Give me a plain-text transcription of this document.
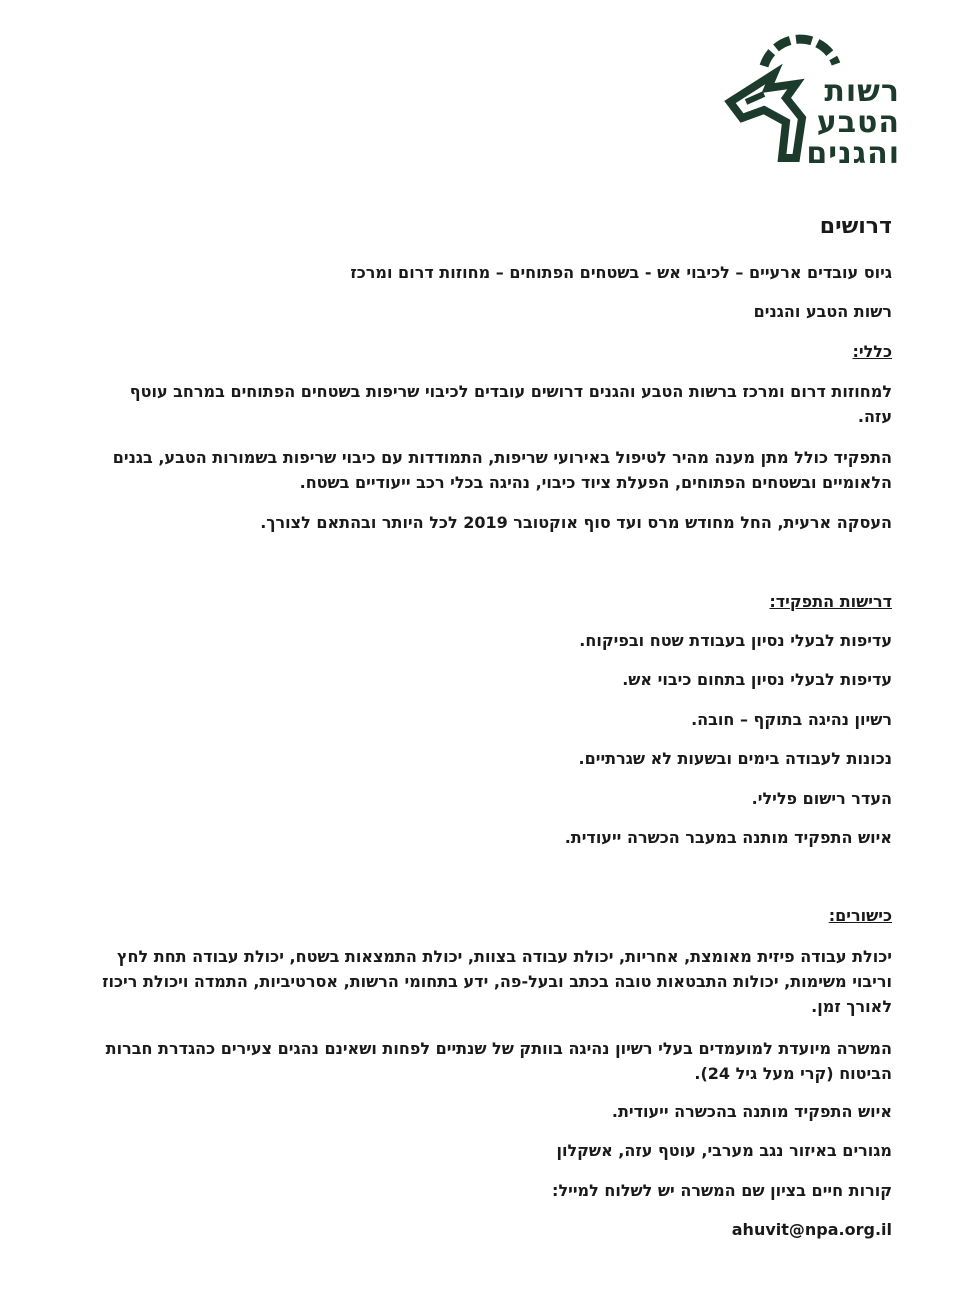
רשות
הטבע
והגנים
דרושים
גיוס עובדים ארעיים – לכיבוי אש - בשטחים הפתוחים – מחוזות דרום ומרכז
רשות הטבע והגנים
כללי:
למחוזות דרום ומרכז ברשות הטבע והגנים דרושים עובדים לכיבוי שריפות בשטחים הפתוחים במרחב עוטף עזה.
התפקיד כולל מתן מענה מהיר לטיפול באירועי שריפות, התמודדות עם כיבוי שריפות בשמורות הטבע, בגנים הלאומיים ובשטחים הפתוחים, הפעלת ציוד כיבוי, נהיגה בכלי רכב ייעודיים בשטח.
העסקה ארעית, החל מחודש מרס ועד סוף אוקטובר 2019 לכל היותר ובהתאם לצורך.
דרישות התפקיד:
עדיפות לבעלי נסיון בעבודת שטח ובפיקוח.
עדיפות לבעלי נסיון בתחום כיבוי אש.
רשיון נהיגה בתוקף – חובה.
נכונות לעבודה בימים ובשעות לא שגרתיים.
העדר רישום פלילי.
איוש התפקיד מותנה במעבר הכשרה ייעודית.
כישורים:
יכולת עבודה פיזית מאומצת, אחריות, יכולת עבודה בצוות, יכולת התמצאות בשטח, יכולת עבודה תחת לחץ וריבוי משימות, יכולות התבטאות טובה בכתב ובעל-פה, ידע בתחומי הרשות, אסרטיביות, התמדה ויכולת ריכוז לאורך זמן.
המשרה מיועדת למועמדים בעלי רשיון נהיגה בוותק של שנתיים לפחות ושאינם נהגים צעירים כהגדרת חברות הביטוח (קרי מעל גיל 24).
איוש התפקיד מותנה בהכשרה ייעודית.
מגורים באיזור נגב מערבי, עוטף עזה, אשקלון
קורות חיים בציון שם המשרה יש לשלוח למייל:
ahuvit@npa.org.il
